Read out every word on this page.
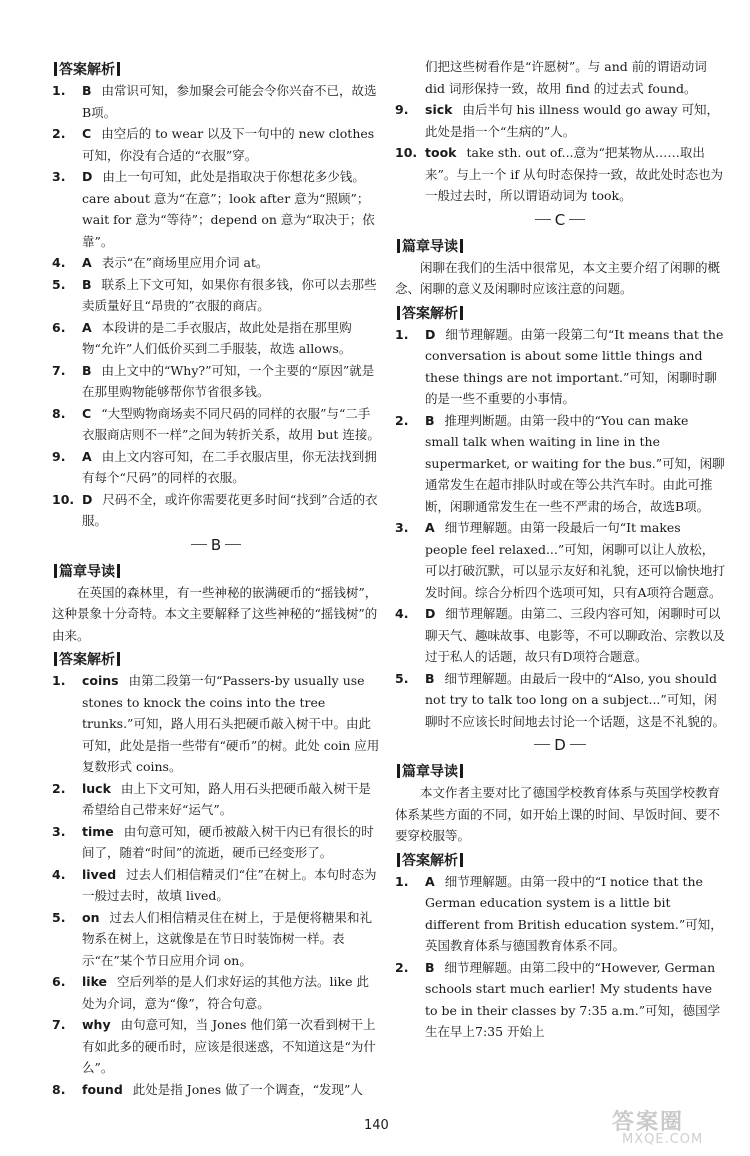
答案解析
1. B 由常识可知，参加聚会可能会令你兴奋不已，故选B项。
2. C 由空后的 to wear 以及下一句中的 new clothes 可知，你没有合适的“衣服”穿。
3. D 由上一句可知，此处是指取决于你想花多少钱。care about 意为“在意”；look after 意为“照顾”；wait for 意为“等待”；depend on 意为“取决于；依靠”。
4. A 表示“在”商场里应用介词 at。
5. B 联系上下文可知，如果你有很多钱，你可以去那些卖质量好且“昂贵的”衣服的商店。
6. A 本段讲的是二手衣服店，故此处是指在那里购物“允许”人们低价买到二手服装，故选 allows。
7. B 由上文中的“Why?”可知，一个主要的“原因”就是在那里购物能够帮你节省很多钱。
8. C “大型购物商场卖不同尺码的同样的衣服”与“二手衣服商店则不一样”之间为转折关系，故用 but 连接。
9. A 由上文内容可知，在二手衣服店里，你无法找到拥有每个“尺码”的同样的衣服。
10. D 尺码不全，或许你需要花更多时间“找到”合适的衣服。
B
篇章导读
在英国的森林里，有一些神秘的嵌满硬币的“摇钱树”，这种景象十分奇特。本文主要解释了这些神秘的“摇钱树”的由来。
答案解析
1. coins 由第二段第一句“Passers-by usually use stones to knock the coins into the tree trunks.”可知，路人用石头把硬币敲入树干中。由此可知，此处是指一些带有“硬币”的树。此处 coin 应用复数形式 coins。
2. luck 由上下文可知，路人用石头把硬币敲入树干是希望给自己带来好“运气”。
3. time 由句意可知，硬币被敲入树干内已有很长的时间了，随着“时间”的流逝，硬币已经变形了。
4. lived 过去人们相信精灵们“住”在树上。本句时态为一般过去时，故填 lived。
5. on 过去人们相信精灵住在树上，于是便将糖果和礼物系在树上，这就像是在节日时装饰树一样。表示“在”某个节日应用介词 on。
6. like 空后列举的是人们求好运的其他方法。like 此处为介词，意为“像”，符合句意。
7. why 由句意可知，当 Jones 他们第一次看到树干上有如此多的硬币时，应该是很迷惑，不知道这是“为什么”。
8. found 此处是指 Jones 做了一个调查，“发现”人
们把这些树看作是“许愿树”。与 and 前的谓语动词 did 词形保持一致，故用 find 的过去式 found。
9. sick 由后半句 his illness would go away 可知，此处是指一个“生病的”人。
10. took take sth. out of...意为“把某物从……取出来”。与上一个 if 从句时态保持一致，故此处时态也为一般过去时，所以谓语动词为 took。
C
篇章导读
闲聊在我们的生活中很常见，本文主要介绍了闲聊的概念、闲聊的意义及闲聊时应该注意的问题。
答案解析
1. D 细节理解题。由第一段第二句“It means that the conversation is about some little things and these things are not important.”可知，闲聊时聊的是一些不重要的小事情。
2. B 推理判断题。由第一段中的“You can make small talk when waiting in line in the supermarket, or waiting for the bus.”可知，闲聊通常发生在超市排队时或在等公共汽车时。由此可推断，闲聊通常发生在一些不严肃的场合，故选B项。
3. A 细节理解题。由第一段最后一句“It makes people feel relaxed...”可知，闲聊可以让人放松，可以打破沉默，可以显示友好和礼貌，还可以愉快地打发时间。综合分析四个选项可知，只有A项符合题意。
4. D 细节理解题。由第二、三段内容可知，闲聊时可以聊天气、趣味故事、电影等，不可以聊政治、宗教以及过于私人的话题，故只有D项符合题意。
5. B 细节理解题。由最后一段中的“Also, you should not try to talk too long on a subject...”可知，闲聊时不应该长时间地去讨论一个话题，这是不礼貌的。
D
篇章导读
本文作者主要对比了德国学校教育体系与英国学校教育体系某些方面的不同，如开始上课的时间、早饭时间、要不要穿校服等。
答案解析
1. A 细节理解题。由第一段中的“I notice that the German education system is a little bit different from British education system.”可知，英国教育体系与德国教育体系不同。
2. B 细节理解题。由第二段中的“However, German schools start much earlier! My students have to be in their classes by 7:35 a.m.”可知，德国学生在早上7:35 开始上
140	答案圈
MXQE.COM
